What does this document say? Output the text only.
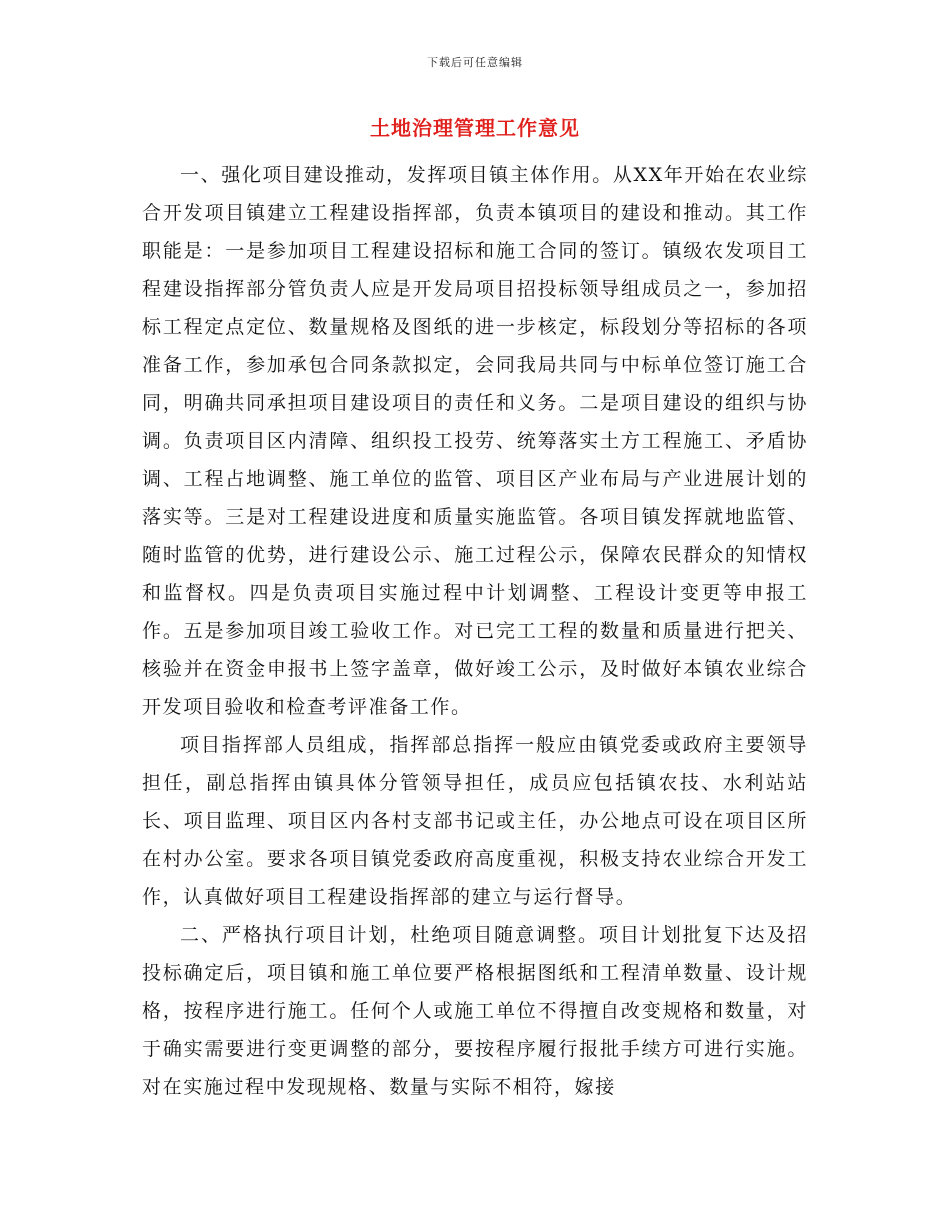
下载后可任意编辑
土地治理管理工作意见

一、强化项目建设推动，发挥项目镇主体作用。从XX年开始在农业综合开发项目镇建立工程建设指挥部，负责本镇项目的建设和推动。其工作职能是：一是参加项目工程建设招标和施工合同的签订。镇级农发项目工程建设指挥部分管负责人应是开发局项目招投标领导组成员之一，参加招标工程定点定位、数量规格及图纸的进一步核定，标段划分等招标的各项准备工作，参加承包合同条款拟定，会同我局共同与中标单位签订施工合同，明确共同承担项目建设项目的责任和义务。二是项目建设的组织与协调。负责项目区内清障、组织投工投劳、统筹落实土方工程施工、矛盾协调、工程占地调整、施工单位的监管、项目区产业布局与产业进展计划的落实等。三是对工程建设进度和质量实施监管。各项目镇发挥就地监管、随时监管的优势，进行建设公示、施工过程公示，保障农民群众的知情权和监督权。四是负责项目实施过程中计划调整、工程设计变更等申报工作。五是参加项目竣工验收工作。对已完工工程的数量和质量进行把关、核验并在资金申报书上签字盖章，做好竣工公示，及时做好本镇农业综合开发项目验收和检查考评准备工作。

项目指挥部人员组成，指挥部总指挥一般应由镇党委或政府主要领导担任，副总指挥由镇具体分管领导担任，成员应包括镇农技、水利站站长、项目监理、项目区内各村支部书记或主任，办公地点可设在项目区所在村办公室。要求各项目镇党委政府高度重视，积极支持农业综合开发工作，认真做好项目工程建设指挥部的建立与运行督导。

二、严格执行项目计划，杜绝项目随意调整。项目计划批复下达及招投标确定后，项目镇和施工单位要严格根据图纸和工程清单数量、设计规格，按程序进行施工。任何个人或施工单位不得擅自改变规格和数量，对于确实需要进行变更调整的部分，要按程序履行报批手续方可进行实施。对在实施过程中发现规格、数量与实际不相符，嫁接
